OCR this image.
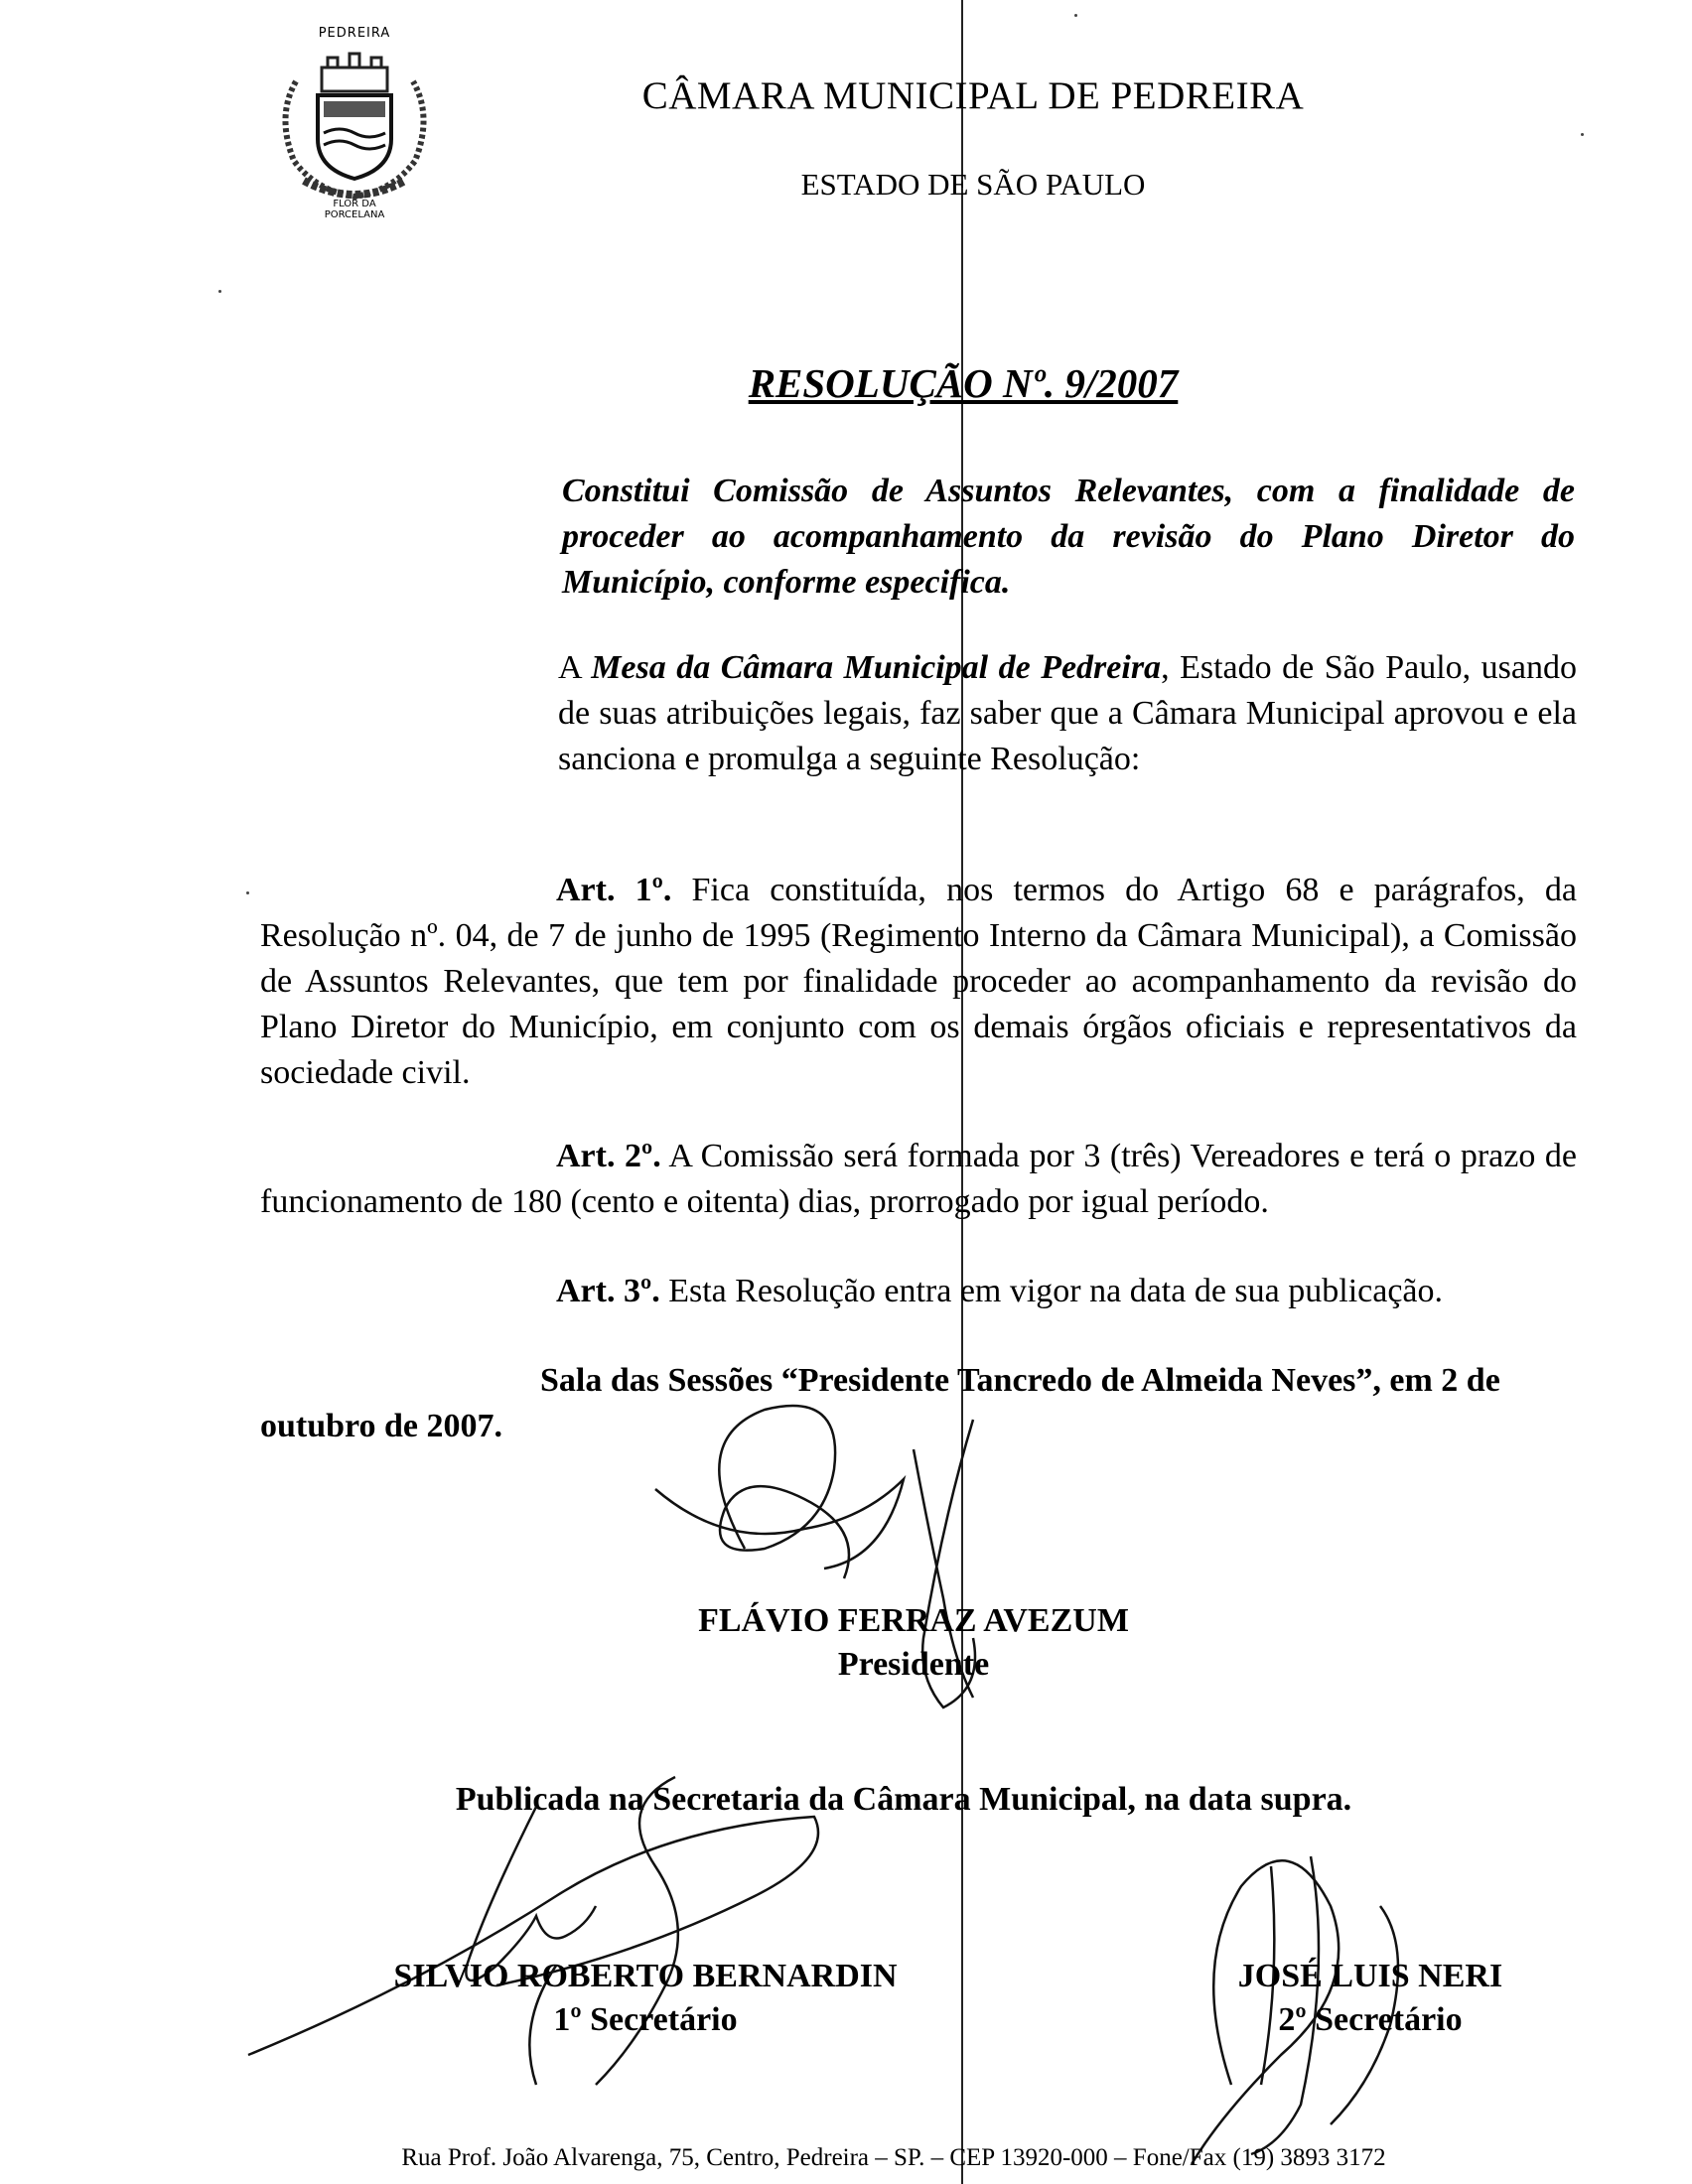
PEDREIRA
FLOR DA PORCELANA
CÂMARA MUNICIPAL DE PEDREIRA
ESTADO DE SÃO PAULO
RESOLUÇÃO Nº. 9/2007
Constitui Comissão de Assuntos Relevantes, com a finalidade de proceder ao acompanhamento da revisão do Plano Diretor do Município, conforme especifica.
A Mesa da Câmara Municipal de Pedreira, Estado de São Paulo, usando de suas atribuições legais, faz saber que a Câmara Municipal aprovou e ela sanciona e promulga a seguinte Resolução:
Art. 1º. Fica constituída, nos termos do Artigo 68 e parágrafos, da Resolução nº. 04, de 7 de junho de 1995 (Regimento Interno da Câmara Municipal), a Comissão de Assuntos Relevantes, que tem por finalidade proceder ao acompanhamento da revisão do Plano Diretor do Município, em conjunto com os demais órgãos oficiais e representativos da sociedade civil.
Art. 2º. A Comissão será formada por 3 (três) Vereadores e terá o prazo de funcionamento de 180 (cento e oitenta) dias, prorrogado por igual período.
Art. 3º. Esta Resolução entra em vigor na data de sua publicação.
Sala das Sessões “Presidente Tancredo de Almeida Neves”, em 2 de outubro de 2007.
FLÁVIO FERRAZ AVEZUM
Presidente
Publicada na Secretaria da Câmara Municipal, na data supra.
SILVIO ROBERTO BERNARDIN
1º Secretário
JOSÉ LUIS NERI
2º Secretário
Rua Prof. João Alvarenga, 75, Centro, Pedreira – SP. – CEP 13920-000 – Fone/Fax (19) 3893 3172
